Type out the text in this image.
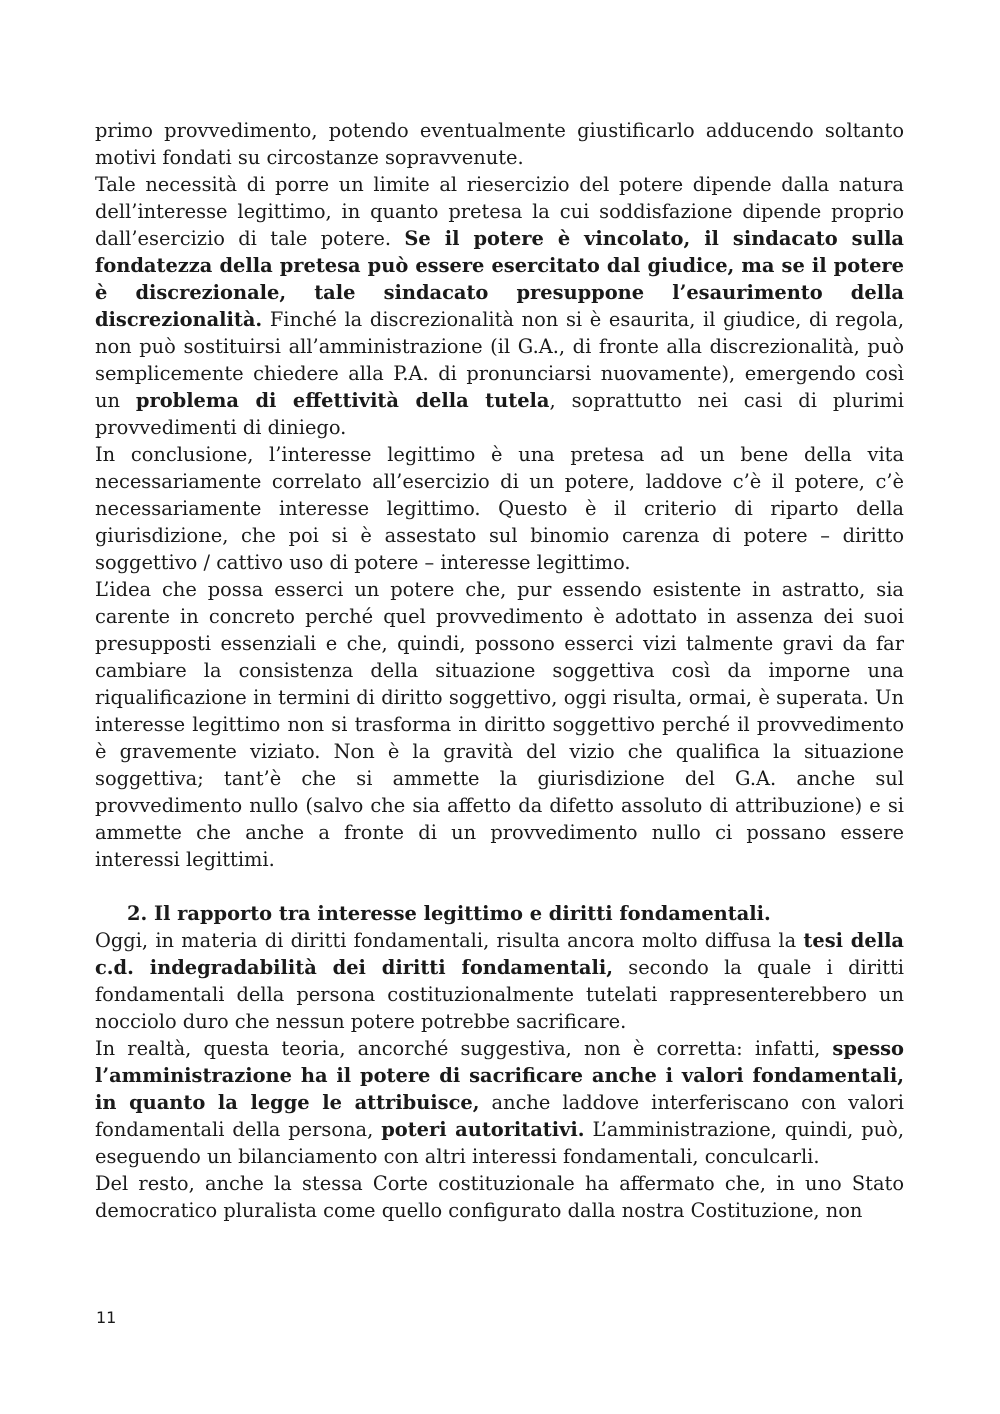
primo provvedimento, potendo eventualmente giustificarlo adducendo soltanto motivi fondati su circostanze sopravvenute.

Tale necessità di porre un limite al riesercizio del potere dipende dalla natura dell’interesse legittimo, in quanto pretesa la cui soddisfazione dipende proprio dall’esercizio di tale potere. Se il potere è vincolato, il sindacato sulla fondatezza della pretesa può essere esercitato dal giudice, ma se il potere è discrezionale, tale sindacato presuppone l’esaurimento della discrezionalità. Finché la discrezionalità non si è esaurita, il giudice, di regola, non può sostituirsi all’amministrazione (il G.A., di fronte alla discrezionalità, può semplicemente chiedere alla P.A. di pronunciarsi nuovamente), emergendo così un problema di effettività della tutela, soprattutto nei casi di plurimi provvedimenti di diniego.

In conclusione, l’interesse legittimo è una pretesa ad un bene della vita necessariamente correlato all’esercizio di un potere, laddove c’è il potere, c’è necessariamente interesse legittimo. Questo è il criterio di riparto della giurisdizione, che poi si è assestato sul binomio carenza di potere – diritto soggettivo / cattivo uso di potere – interesse legittimo.

L’idea che possa esserci un potere che, pur essendo esistente in astratto, sia carente in concreto perché quel provvedimento è adottato in assenza dei suoi presupposti essenziali e che, quindi, possono esserci vizi talmente gravi da far cambiare la consistenza della situazione soggettiva così da imporne una riqualificazione in termini di diritto soggettivo, oggi risulta, ormai, è superata. Un interesse legittimo non si trasforma in diritto soggettivo perché il provvedimento è gravemente viziato. Non è la gravità del vizio che qualifica la situazione soggettiva; tant’è che si ammette la giurisdizione del G.A. anche sul provvedimento nullo (salvo che sia affetto da difetto assoluto di attribuzione) e si ammette che anche a fronte di un provvedimento nullo ci possano essere interessi legittimi.

2. Il rapporto tra interesse legittimo e diritti fondamentali.

Oggi, in materia di diritti fondamentali, risulta ancora molto diffusa la tesi della c.d. indegradabilità dei diritti fondamentali, secondo la quale i diritti fondamentali della persona costituzionalmente tutelati rappresenterebbero un nocciolo duro che nessun potere potrebbe sacrificare.

In realtà, questa teoria, ancorché suggestiva, non è corretta: infatti, spesso l’amministrazione ha il potere di sacrificare anche i valori fondamentali, in quanto la legge le attribuisce, anche laddove interferiscano con valori fondamentali della persona, poteri autoritativi. L’amministrazione, quindi, può, eseguendo un bilanciamento con altri interessi fondamentali, conculcarli.

Del resto, anche la stessa Corte costituzionale ha affermato che, in uno Stato democratico pluralista come quello configurato dalla nostra Costituzione, non

11
